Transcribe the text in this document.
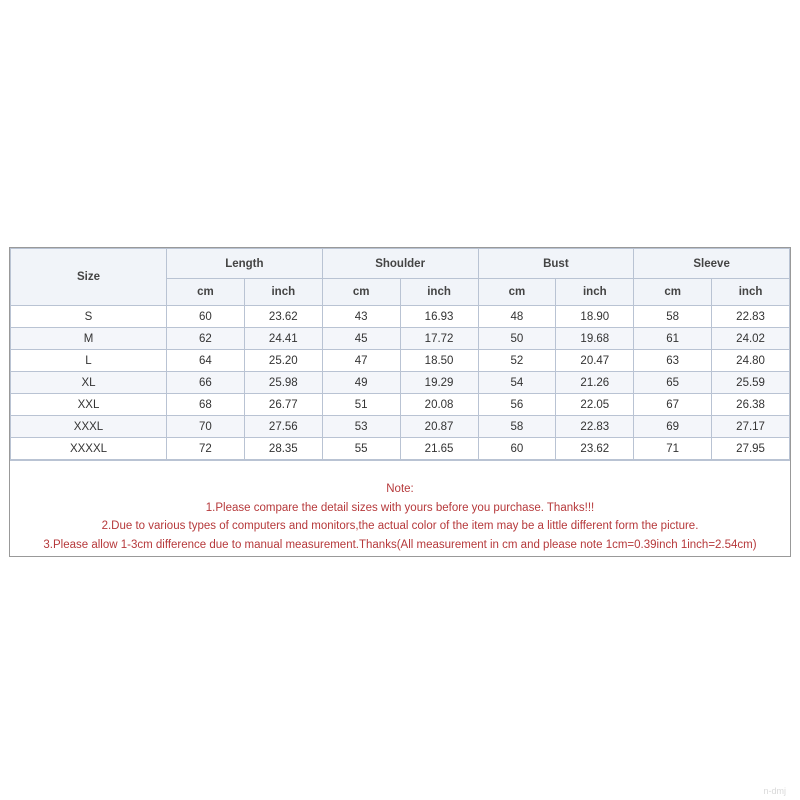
Size	Length		Shoulder		Bust		Sleeve	
	cm	inch	cm	inch	cm	inch	cm	inch
S	60	23.62	43	16.93	48	18.90	58	22.83
M	62	24.41	45	17.72	50	19.68	61	24.02
L	64	25.20	47	18.50	52	20.47	63	24.80
XL	66	25.98	49	19.29	54	21.26	65	25.59
XXL	68	26.77	51	20.08	56	22.05	67	26.38
XXXL	70	27.56	53	20.87	58	22.83	69	27.17
XXXXL	72	28.35	55	21.65	60	23.62	71	27.95
Note:
1.Please compare the detail sizes with yours before you purchase. Thanks!!!
2.Due to various types of computers and monitors,the actual color of the item may be a little different form the picture.
3.Please allow 1-3cm difference due to manual measurement.Thanks(All measurement in cm and please note 1cm=0.39inch 1inch=2.54cm)
n-dmj
